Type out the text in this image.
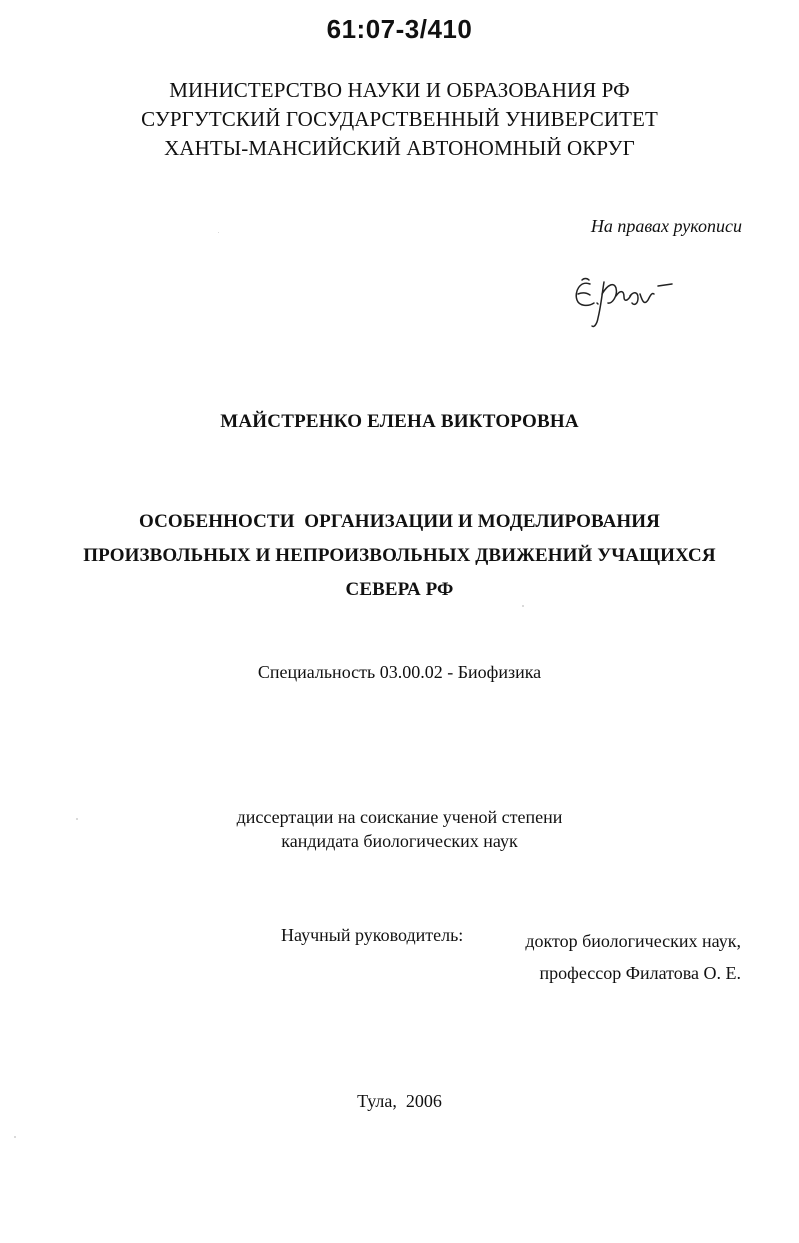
61:07-3/410
МИНИСТЕРСТВО НАУКИ И ОБРАЗОВАНИЯ РФ
СУРГУТСКИЙ ГОСУДАРСТВЕННЫЙ УНИВЕРСИТЕТ
ХАНТЫ-МАНСИЙСКИЙ АВТОНОМНЫЙ ОКРУГ
На правах рукописи
МАЙСТРЕНКО ЕЛЕНА ВИКТОРОВНА
ОСОБЕННОСТИ  ОРГАНИЗАЦИИ И МОДЕЛИРОВАНИЯ
ПРОИЗВОЛЬНЫХ И НЕПРОИЗВОЛЬНЫХ ДВИЖЕНИЙ УЧАЩИХСЯ
СЕВЕРА РФ
Специальность 03.00.02 - Биофизика
диссертации на соискание ученой степени
кандидата биологических наук
Научный руководитель:	доктор биологических наук,
профессор Филатова О. Е.
Тула,  2006
